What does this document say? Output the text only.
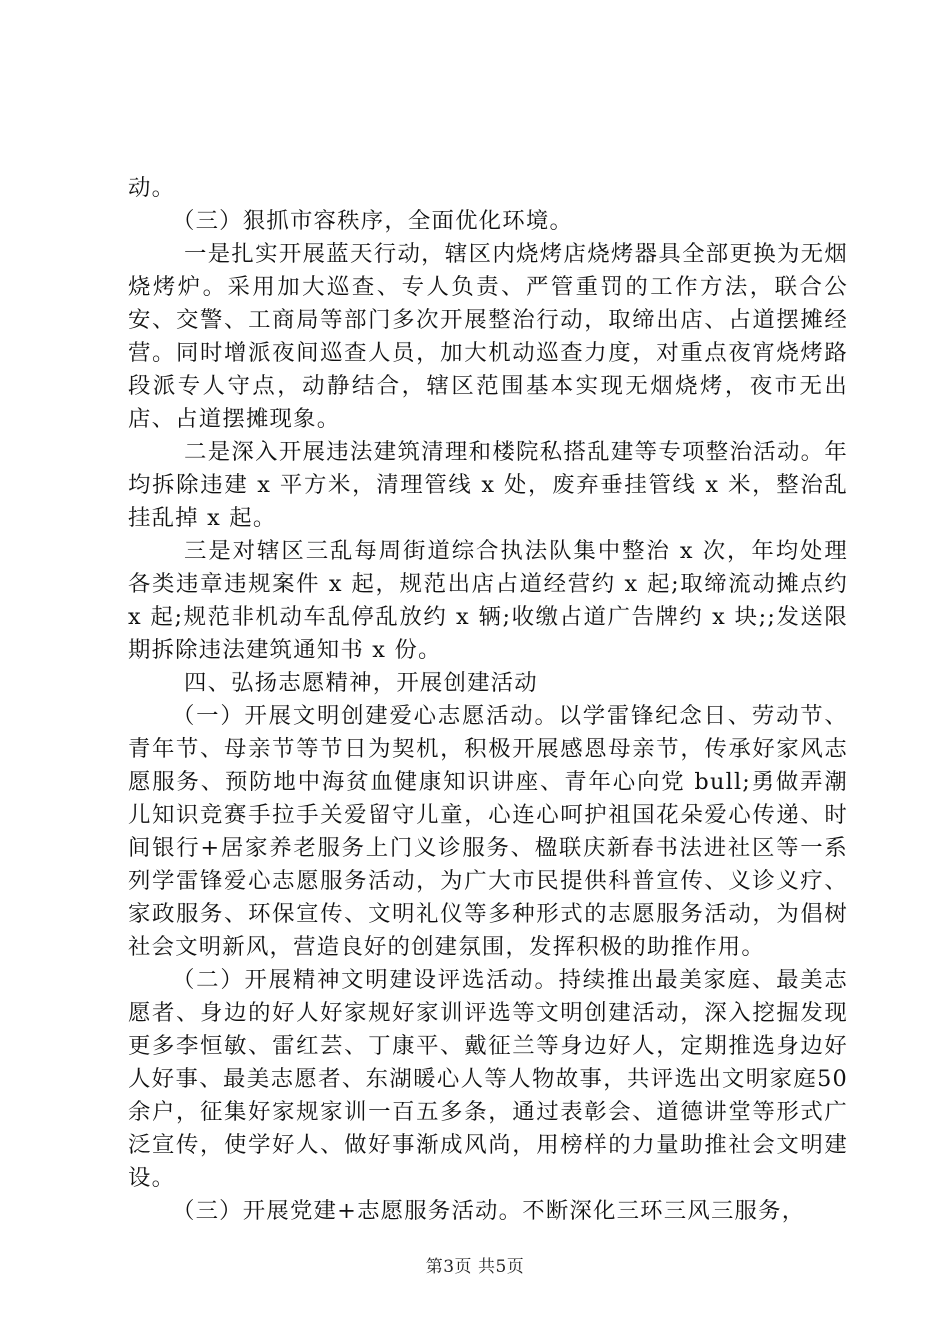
动。

（三）狠抓市容秩序，全面优化环境。

一是扎实开展蓝天行动，辖区内烧烤店烧烤器具全部更换为无烟烧烤炉。采用加大巡查、专人负责、严管重罚的工作方法，联合公安、交警、工商局等部门多次开展整治行动，取缔出店、占道摆摊经营。同时增派夜间巡查人员，加大机动巡查力度，对重点夜宵烧烤路段派专人守点，动静结合，辖区范围基本实现无烟烧烤，夜市无出店、占道摆摊现象。

二是深入开展违法建筑清理和楼院私搭乱建等专项整治活动。年均拆除违建 x 平方米，清理管线 x 处，废弃垂挂管线 x 米，整治乱挂乱掉 x 起。

三是对辖区三乱每周街道综合执法队集中整治 x 次，年均处理各类违章违规案件 x 起，规范出店占道经营约 x 起;取缔流动摊点约 x 起;规范非机动车乱停乱放约 x 辆;收缴占道广告牌约 x 块;;发送限期拆除违法建筑通知书 x 份。

四、弘扬志愿精神，开展创建活动

（一）开展文明创建爱心志愿活动。以学雷锋纪念日、劳动节、青年节、母亲节等节日为契机，积极开展感恩母亲节，传承好家风志愿服务、预防地中海贫血健康知识讲座、青年心向党 bull;勇做弄潮儿知识竞赛手拉手关爱留守儿童，心连心呵护祖国花朵爱心传递、时间银行+居家养老服务上门义诊服务、楹联庆新春书法进社区等一系列学雷锋爱心志愿服务活动，为广大市民提供科普宣传、义诊义疗、家政服务、环保宣传、文明礼仪等多种形式的志愿服务活动，为倡树社会文明新风，营造良好的创建氛围，发挥积极的助推作用。

（二）开展精神文明建设评选活动。持续推出最美家庭、最美志愿者、身边的好人好家规好家训评选等文明创建活动，深入挖掘发现更多李恒敏、雷红芸、丁康平、戴征兰等身边好人，定期推选身边好人好事、最美志愿者、东湖暖心人等人物故事，共评选出文明家庭50余户，征集好家规家训一百五多条，通过表彰会、道德讲堂等形式广泛宣传，使学好人、做好事渐成风尚，用榜样的力量助推社会文明建设。

（三）开展党建+志愿服务活动。不断深化三环三风三服务，

第3页 共5页
